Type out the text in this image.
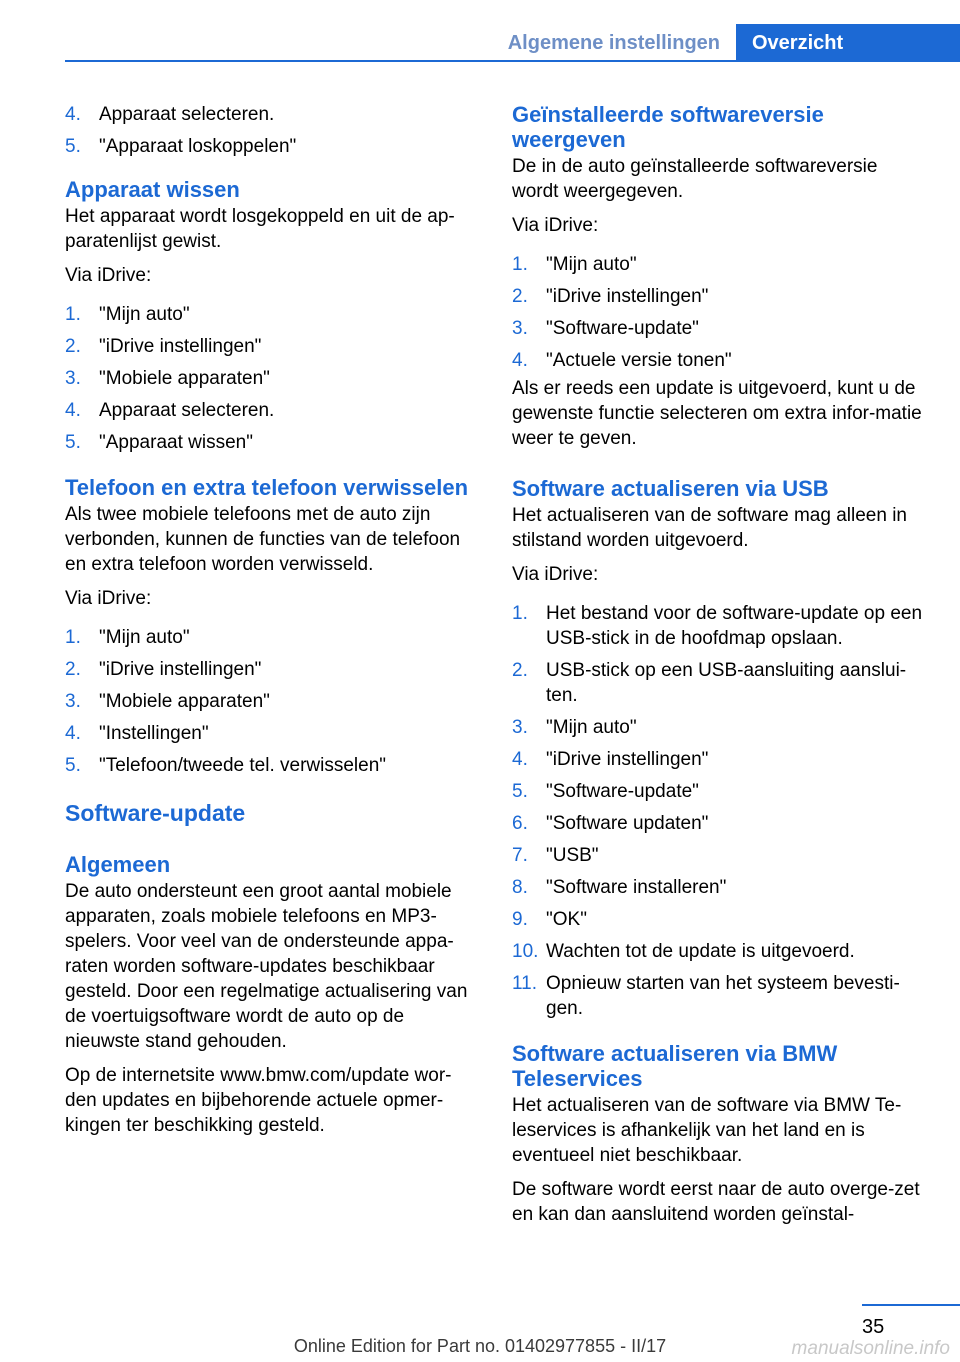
Algemene instellingen	Overzicht
4. Apparaat selecteren.
5. "Apparaat loskoppelen"
Apparaat wissen

Het apparaat wordt losgekoppeld en uit de ap-paratenlijst gewist.

Via iDrive:

1. "Mijn auto"
2. "iDrive instellingen"
3. "Mobiele apparaten"
4. Apparaat selecteren.
5. "Apparaat wissen"
Telefoon en extra telefoon verwisselen

Als twee mobiele telefoons met de auto zijn verbonden, kunnen de functies van de telefoon en extra telefoon worden verwisseld.

Via iDrive:

1. "Mijn auto"
2. "iDrive instellingen"
3. "Mobiele apparaten"
4. "Instellingen"
5. "Telefoon/tweede tel. verwisselen"
Software-update
Algemeen

De auto ondersteunt een groot aantal mobiele apparaten, zoals mobiele telefoons en MP3-spelers. Voor veel van de ondersteunde appa-raten worden software-updates beschikbaar gesteld. Door een regelmatige actualisering van de voertuigsoftware wordt de auto op de nieuwste stand gehouden.

Op de internetsite www.bmw.com/update wor-den updates en bijbehorende actuele opmer-kingen ter beschikking gesteld.

Geïnstalleerde softwareversie weergeven

De in de auto geïnstalleerde softwareversie wordt weergegeven.

Via iDrive:

1. "Mijn auto"
2. "iDrive instellingen"
3. "Software-update"
4. "Actuele versie tonen"

Als er reeds een update is uitgevoerd, kunt u de gewenste functie selecteren om extra infor-matie weer te geven.

Software actualiseren via USB

Het actualiseren van de software mag alleen in stilstand worden uitgevoerd.

Via iDrive:

1. Het bestand voor de software-update op een USB-stick in de hoofdmap opslaan.
2. USB-stick op een USB-aansluiting aanslui-ten.
3. "Mijn auto"
4. "iDrive instellingen"
5. "Software-update"
6. "Software updaten"
7. "USB"
8. "Software installeren"
9. "OK"
10. Wachten tot de update is uitgevoerd.
11. Opnieuw starten van het systeem bevesti-gen.
Software actualiseren via BMW Teleservices

Het actualiseren van de software via BMW Te-leservices is afhankelijk van het land en is eventueel niet beschikbaar.

De software wordt eerst naar de auto overge-zet en kan dan aansluitend worden geïnstal-

35
Online Edition for Part no. 01402977855 - II/17	manualsonline.info
